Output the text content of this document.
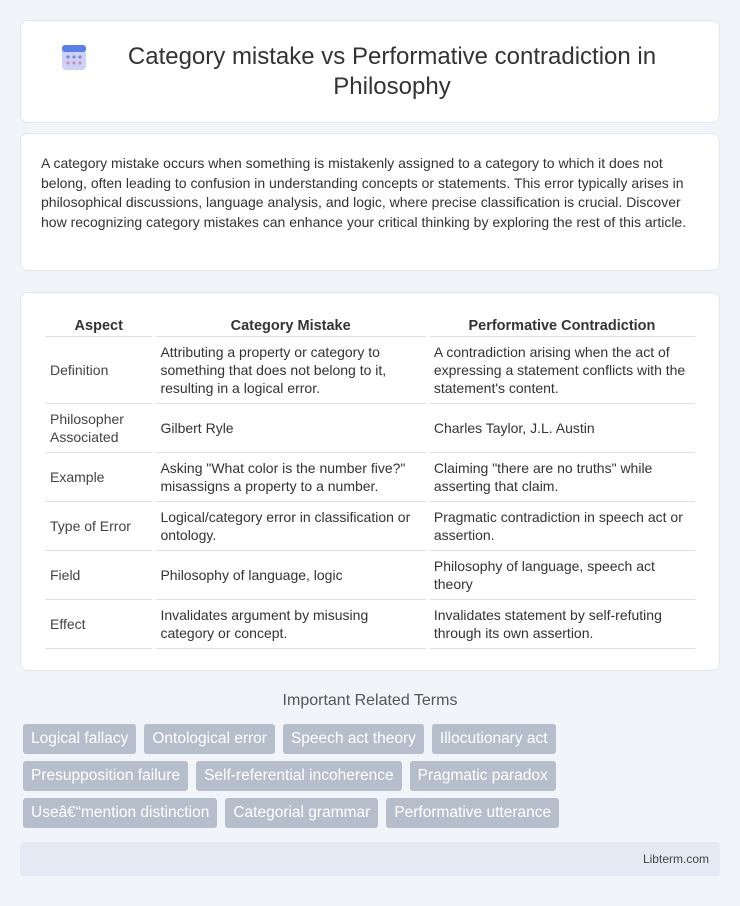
Category mistake vs Performative contradiction in Philosophy

A category mistake occurs when something is mistakenly assigned to a category to which it does not belong, often leading to confusion in understanding concepts or statements. This error typically arises in philosophical discussions, language analysis, and logic, where precise classification is crucial. Discover how recognizing category mistakes can enhance your critical thinking by exploring the rest of this article.

Aspect	Category Mistake	Performative Contradiction
Definition	Attributing a property or category to something that does not belong to it, resulting in a logical error.	A contradiction arising when the act of expressing a statement conflicts with the statement's content.
Philosopher Associated	Gilbert Ryle	Charles Taylor, J.L. Austin
Example	Asking "What color is the number five?" misassigns a property to a number.	Claiming "there are no truths" while asserting that claim.
Type of Error	Logical/category error in classification or ontology.	Pragmatic contradiction in speech act or assertion.
Field	Philosophy of language, logic	Philosophy of language, speech act theory
Effect	Invalidates argument by misusing category or concept.	Invalidates statement by self-refuting through its own assertion.
Important Related Terms
Logical fallacy	Ontological error	Speech act theory	Illocutionary act
Presupposition failure	Self-referential incoherence	Pragmatic paradox
Useâ€“mention distinction	Categorial grammar	Performative utterance
Libterm.com
